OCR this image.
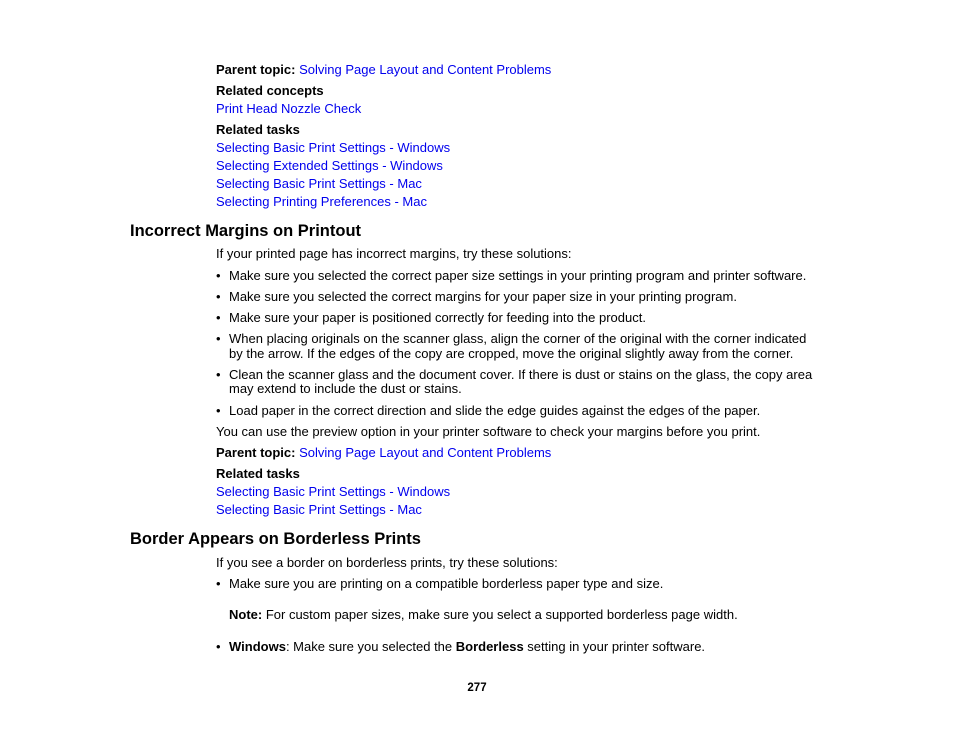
Parent topic: Solving Page Layout and Content Problems
Related concepts
Print Head Nozzle Check
Related tasks
Selecting Basic Print Settings - Windows
Selecting Extended Settings - Windows
Selecting Basic Print Settings - Mac
Selecting Printing Preferences - Mac
Incorrect Margins on Printout
If your printed page has incorrect margins, try these solutions:
• Make sure you selected the correct paper size settings in your printing program and printer software.
• Make sure you selected the correct margins for your paper size in your printing program.
• Make sure your paper is positioned correctly for feeding into the product.
• When placing originals on the scanner glass, align the corner of the original with the corner indicated
by the arrow. If the edges of the copy are cropped, move the original slightly away from the corner.
• Clean the scanner glass and the document cover. If there is dust or stains on the glass, the copy area
may extend to include the dust or stains.
• Load paper in the correct direction and slide the edge guides against the edges of the paper.
You can use the preview option in your printer software to check your margins before you print.
Parent topic: Solving Page Layout and Content Problems
Related tasks
Selecting Basic Print Settings - Windows
Selecting Basic Print Settings - Mac
Border Appears on Borderless Prints
If you see a border on borderless prints, try these solutions:
• Make sure you are printing on a compatible borderless paper type and size.
Note: For custom paper sizes, make sure you select a supported borderless page width.
• Windows: Make sure you selected the Borderless setting in your printer software.
277
